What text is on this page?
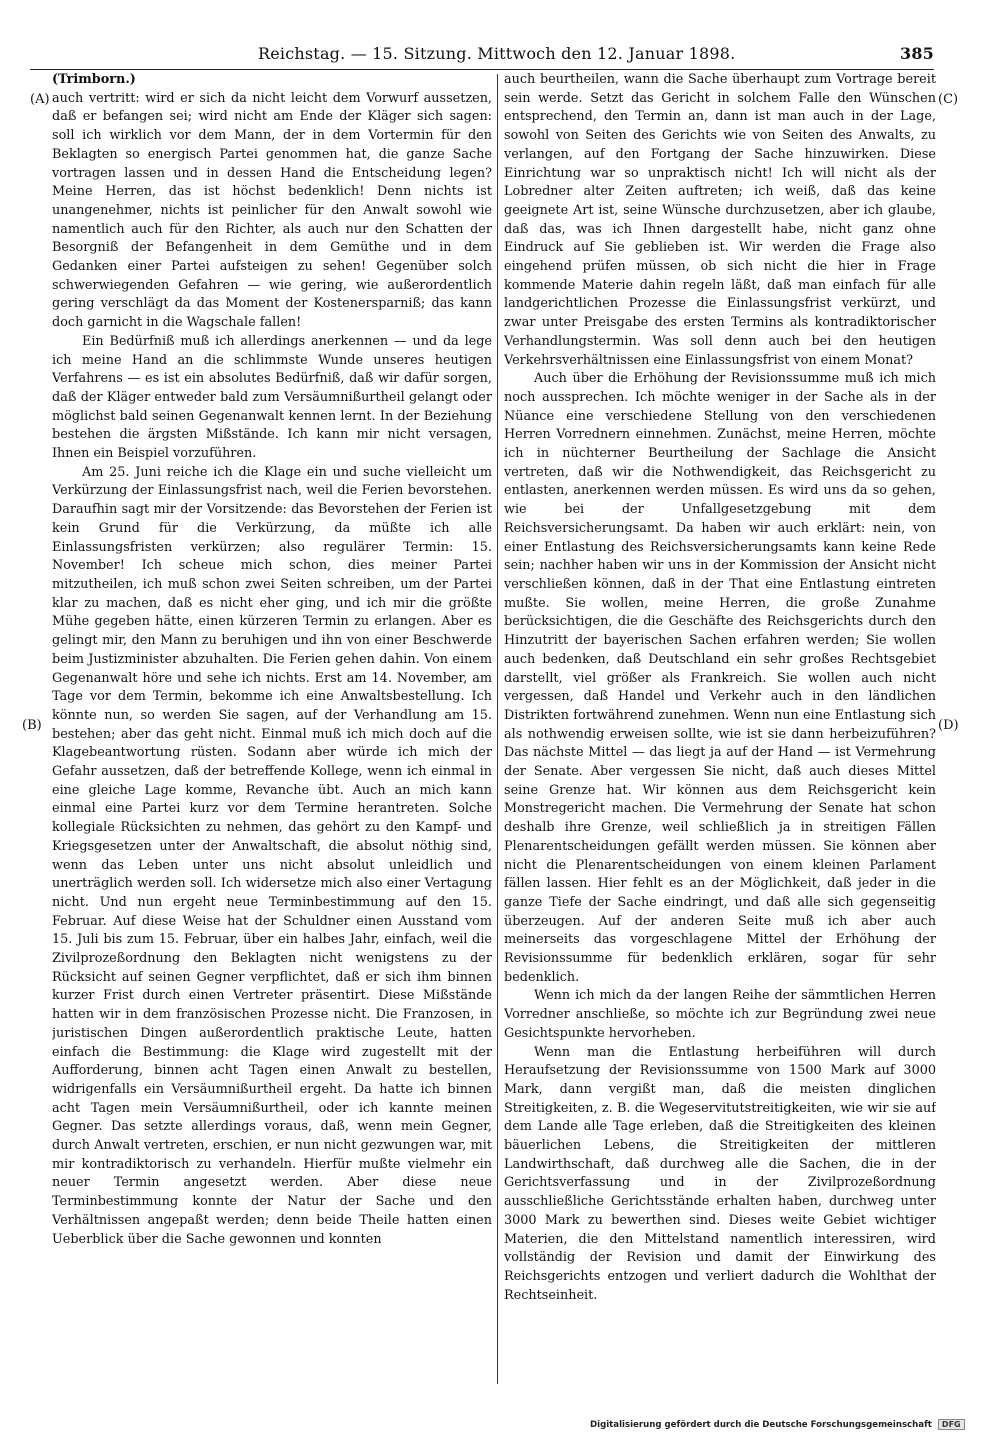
Reichstag. — 15. Sitzung. Mittwoch den 12. Januar 1898.	385
(A)
(B)
(C)
(D)

(Trimborn.)

auch vertritt: wird er sich da nicht leicht dem Vorwurf aussetzen, daß er befangen sei; wird nicht am Ende der Kläger sich sagen: soll ich wirklich vor dem Mann, der in dem Vortermin für den Beklagten so energisch Partei genommen hat, die ganze Sache vortragen lassen und in dessen Hand die Entscheidung legen? Meine Herren, das ist höchst bedenklich! Denn nichts ist unangenehmer, nichts ist peinlicher für den Anwalt sowohl wie namentlich auch für den Richter, als auch nur den Schatten der Besorgniß der Befangenheit in dem Gemüthe und in dem Gedanken einer Partei aufsteigen zu sehen! Gegenüber solch schwerwiegenden Gefahren — wie gering, wie außerordentlich gering verschlägt da das Moment der Kostenersparniß; das kann doch garnicht in die Wagschale fallen!

Ein Bedürfniß muß ich allerdings anerkennen — und da lege ich meine Hand an die schlimmste Wunde unseres heutigen Verfahrens — es ist ein absolutes Bedürfniß, daß wir dafür sorgen, daß der Kläger entweder bald zum Versäumnißurtheil gelangt oder möglichst bald seinen Gegenanwalt kennen lernt. In der Beziehung bestehen die ärgsten Mißstände. Ich kann mir nicht versagen, Ihnen ein Beispiel vorzuführen.

Am 25. Juni reiche ich die Klage ein und suche vielleicht um Verkürzung der Einlassungsfrist nach, weil die Ferien bevorstehen. Daraufhin sagt mir der Vorsitzende: das Bevorstehen der Ferien ist kein Grund für die Verkürzung, da müßte ich alle Einlassungsfristen verkürzen; also regulärer Termin: 15. November! Ich scheue mich schon, dies meiner Partei mitzutheilen, ich muß schon zwei Seiten schreiben, um der Partei klar zu machen, daß es nicht eher ging, und ich mir die größte Mühe gegeben hätte, einen kürzeren Termin zu erlangen. Aber es gelingt mir, den Mann zu beruhigen und ihn von einer Beschwerde beim Justizminister abzuhalten. Die Ferien gehen dahin. Von einem Gegenanwalt höre und sehe ich nichts. Erst am 14. November, am Tage vor dem Termin, bekomme ich eine Anwaltsbestellung. Ich könnte nun, so werden Sie sagen, auf der Verhandlung am 15. bestehen; aber das geht nicht. Einmal muß ich mich doch auf die Klagebeantwortung rüsten. Sodann aber würde ich mich der Gefahr aussetzen, daß der betreffende Kollege, wenn ich einmal in eine gleiche Lage komme, Revanche übt. Auch an mich kann einmal eine Partei kurz vor dem Termine herantreten. Solche kollegiale Rücksichten zu nehmen, das gehört zu den Kampf- und Kriegsgesetzen unter der Anwaltschaft, die absolut nöthig sind, wenn das Leben unter uns nicht absolut unleidlich und unerträglich werden soll. Ich widersetze mich also einer Vertagung nicht. Und nun ergeht neue Terminbestimmung auf den 15. Februar. Auf diese Weise hat der Schuldner einen Ausstand vom 15. Juli bis zum 15. Februar, über ein halbes Jahr, einfach, weil die Zivilprozeßordnung den Beklagten nicht wenigstens zu der Rücksicht auf seinen Gegner verpflichtet, daß er sich ihm binnen kurzer Frist durch einen Vertreter präsentirt. Diese Mißstände hatten wir in dem französischen Prozesse nicht. Die Franzosen, in juristischen Dingen außerordentlich praktische Leute, hatten einfach die Bestimmung: die Klage wird zugestellt mit der Aufforderung, binnen acht Tagen einen Anwalt zu bestellen, widrigenfalls ein Versäumnißurtheil ergeht. Da hatte ich binnen acht Tagen mein Versäumnißurtheil, oder ich kannte meinen Gegner. Das setzte allerdings voraus, daß, wenn mein Gegner, durch Anwalt vertreten, erschien, er nun nicht gezwungen war, mit mir kontradiktorisch zu verhandeln. Hierfür mußte vielmehr ein neuer Termin angesetzt werden. Aber diese neue Terminbestimmung konnte der Natur der Sache und den Verhältnissen angepaßt werden; denn beide Theile hatten einen Ueberblick über die Sache gewonnen und konnten

auch beurtheilen, wann die Sache überhaupt zum Vortrage bereit sein werde. Setzt das Gericht in solchem Falle den Wünschen entsprechend, den Termin an, dann ist man auch in der Lage, sowohl von Seiten des Gerichts wie von Seiten des Anwalts, zu verlangen, auf den Fortgang der Sache hinzuwirken. Diese Einrichtung war so unpraktisch nicht! Ich will nicht als der Lobredner alter Zeiten auftreten; ich weiß, daß das keine geeignete Art ist, seine Wünsche durchzusetzen, aber ich glaube, daß das, was ich Ihnen dargestellt habe, nicht ganz ohne Eindruck auf Sie geblieben ist. Wir werden die Frage also eingehend prüfen müssen, ob sich nicht die hier in Frage kommende Materie dahin regeln läßt, daß man einfach für alle landgerichtlichen Prozesse die Einlassungsfrist verkürzt, und zwar unter Preisgabe des ersten Termins als kontradiktorischer Verhandlungstermin. Was soll denn auch bei den heutigen Verkehrsverhältnissen eine Einlassungsfrist von einem Monat?

Auch über die Erhöhung der Revisionssumme muß ich mich noch aussprechen. Ich möchte weniger in der Sache als in der Nüance eine verschiedene Stellung von den verschiedenen Herren Vorrednern einnehmen. Zunächst, meine Herren, möchte ich in nüchterner Beurtheilung der Sachlage die Ansicht vertreten, daß wir die Nothwendigkeit, das Reichsgericht zu entlasten, anerkennen werden müssen. Es wird uns da so gehen, wie bei der Unfallgesetzgebung mit dem Reichsversicherungsamt. Da haben wir auch erklärt: nein, von einer Entlastung des Reichsversicherungsamts kann keine Rede sein; nachher haben wir uns in der Kommission der Ansicht nicht verschließen können, daß in der That eine Entlastung eintreten mußte. Sie wollen, meine Herren, die große Zunahme berücksichtigen, die die Geschäfte des Reichsgerichts durch den Hinzutritt der bayerischen Sachen erfahren werden; Sie wollen auch bedenken, daß Deutschland ein sehr großes Rechtsgebiet darstellt, viel größer als Frankreich. Sie wollen auch nicht vergessen, daß Handel und Verkehr auch in den ländlichen Distrikten fortwährend zunehmen. Wenn nun eine Entlastung sich als nothwendig erweisen sollte, wie ist sie dann herbeizuführen? Das nächste Mittel — das liegt ja auf der Hand — ist Vermehrung der Senate. Aber vergessen Sie nicht, daß auch dieses Mittel seine Grenze hat. Wir können aus dem Reichsgericht kein Monstregericht machen. Die Vermehrung der Senate hat schon deshalb ihre Grenze, weil schließlich ja in streitigen Fällen Plenarentscheidungen gefällt werden müssen. Sie können aber nicht die Plenarentscheidungen von einem kleinen Parlament fällen lassen. Hier fehlt es an der Möglichkeit, daß jeder in die ganze Tiefe der Sache eindringt, und daß alle sich gegenseitig überzeugen. Auf der anderen Seite muß ich aber auch meinerseits das vorgeschlagene Mittel der Erhöhung der Revisionssumme für bedenklich erklären, sogar für sehr bedenklich.

Wenn ich mich da der langen Reihe der sämmtlichen Herren Vorredner anschließe, so möchte ich zur Begründung zwei neue Gesichtspunkte hervorheben.

Wenn man die Entlastung herbeiführen will durch Heraufsetzung der Revisionssumme von 1500 Mark auf 3000 Mark, dann vergißt man, daß die meisten dinglichen Streitigkeiten, z. B. die Wegeservitutstreitigkeiten, wie wir sie auf dem Lande alle Tage erleben, daß die Streitigkeiten des kleinen bäuerlichen Lebens, die Streitigkeiten der mittleren Landwirthschaft, daß durchweg alle die Sachen, die in der Gerichtsverfassung und in der Zivilprozeßordnung ausschließliche Gerichtsstände erhalten haben, durchweg unter 3000 Mark zu bewerthen sind. Dieses weite Gebiet wichtiger Materien, die den Mittelstand namentlich interessiren, wird vollständig der Revision und damit der Einwirkung des Reichsgerichts entzogen und verliert dadurch die Wohlthat der Rechtseinheit.

Digitalisierung gefördert durch die Deutsche Forschungsgemeinschaft DFG
